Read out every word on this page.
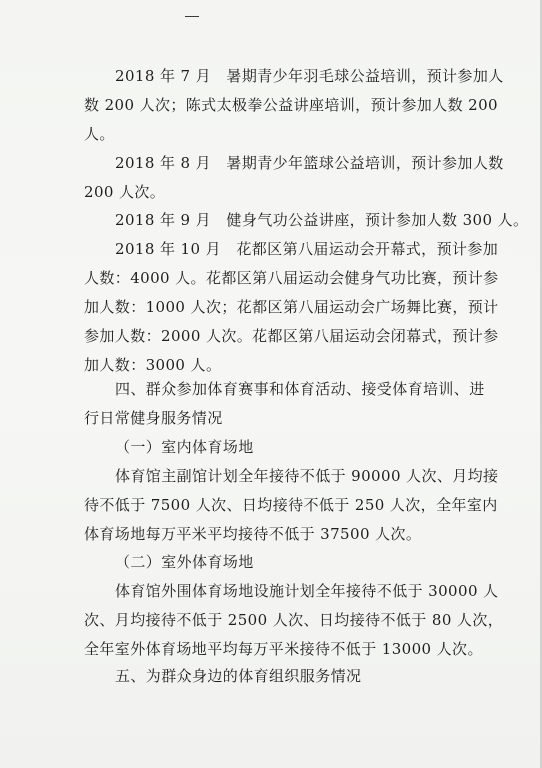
2018 年 7 月　暑期青少年羽毛球公益培训，预计参加人
数 200 人次；陈式太极拳公益讲座培训，预计参加人数 200
人。
2018 年 8 月　暑期青少年篮球公益培训，预计参加人数
200 人次。
2018 年 9 月　健身气功公益讲座，预计参加人数 300 人。
2018 年 10 月　花都区第八届运动会开幕式，预计参加
人数：4000 人。花都区第八届运动会健身气功比赛，预计参
加人数：1000 人次；花都区第八届运动会广场舞比赛，预计
参加人数：2000 人次。花都区第八届运动会闭幕式，预计参
加人数：3000 人。
四、群众参加体育赛事和体育活动、接受体育培训、进
行日常健身服务情况
（一）室内体育场地
体育馆主副馆计划全年接待不低于 90000 人次、月均接
待不低于 7500 人次、日均接待不低于 250 人次，全年室内
体育场地每万平米平均接待不低于 37500 人次。
（二）室外体育场地
体育馆外围体育场地设施计划全年接待不低于 30000 人
次、月均接待不低于 2500 人次、日均接待不低于 80 人次，
全年室外体育场地平均每万平米接待不低于 13000 人次。
五、为群众身边的体育组织服务情况
